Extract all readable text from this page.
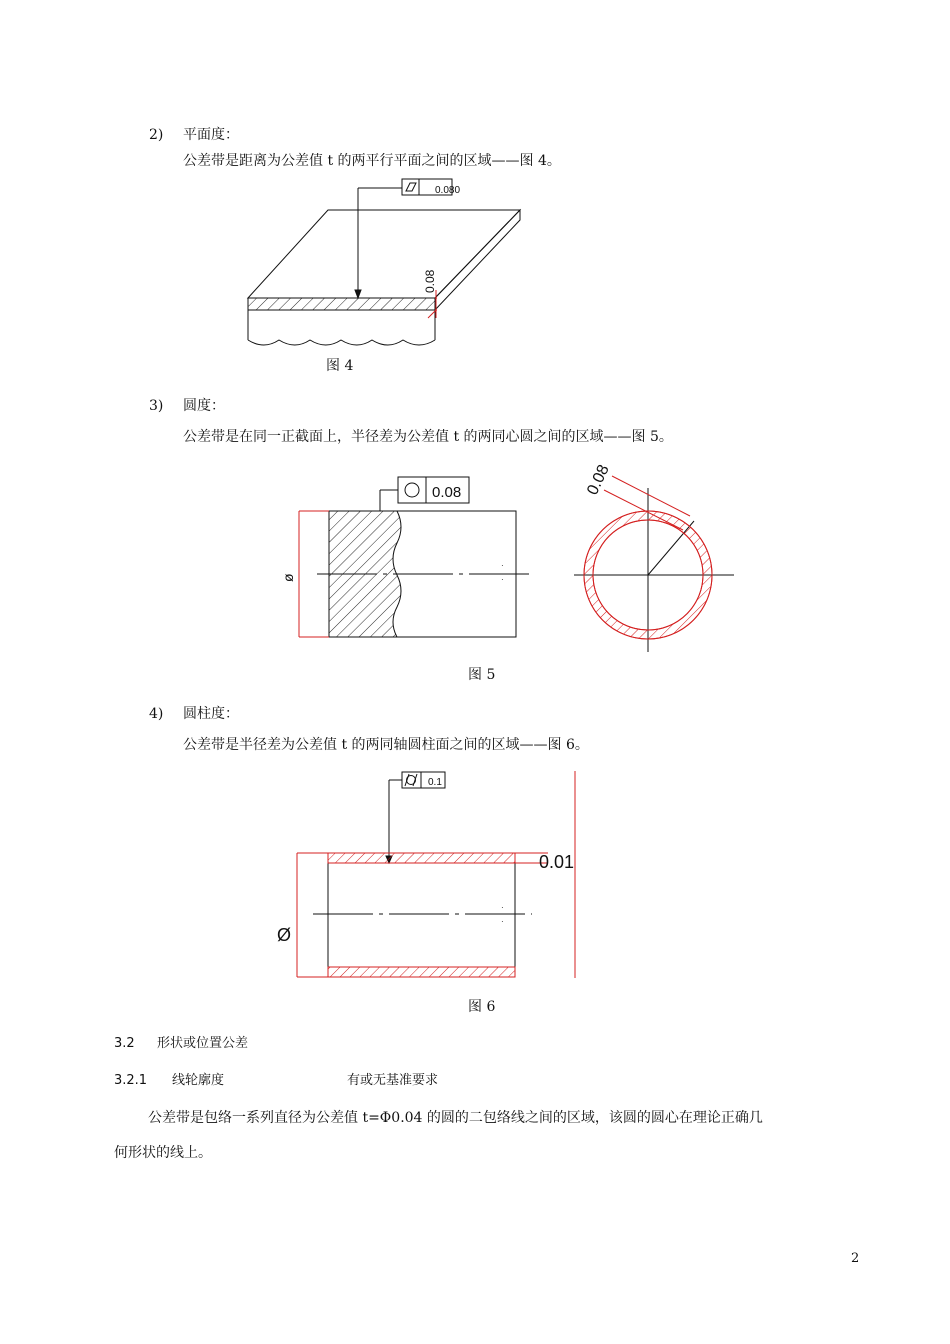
2) 平面度：
公差带是距离为公差值 t 的两平行平面之间的区域——图 4。
0.080
0.08
图 4
3) 圆度：
公差带是在同一正截面上，半径差为公差值 t 的两同心圆之间的区域——图 5。
0.08	0.08
ø
·
·
图 5
4) 圆柱度：
公差带是半径差为公差值 t 的两同轴圆柱面之间的区域——图 6。
0.1
0.01
Ø
·
·
图 6
3.2 形状或位置公差
3.2.1 线轮廓度	有或无基准要求
公差带是包络一系列直径为公差值 t=Φ0.04 的圆的二包络线之间的区域，该圆的圆心在理论正确几
何形状的线上。
2
